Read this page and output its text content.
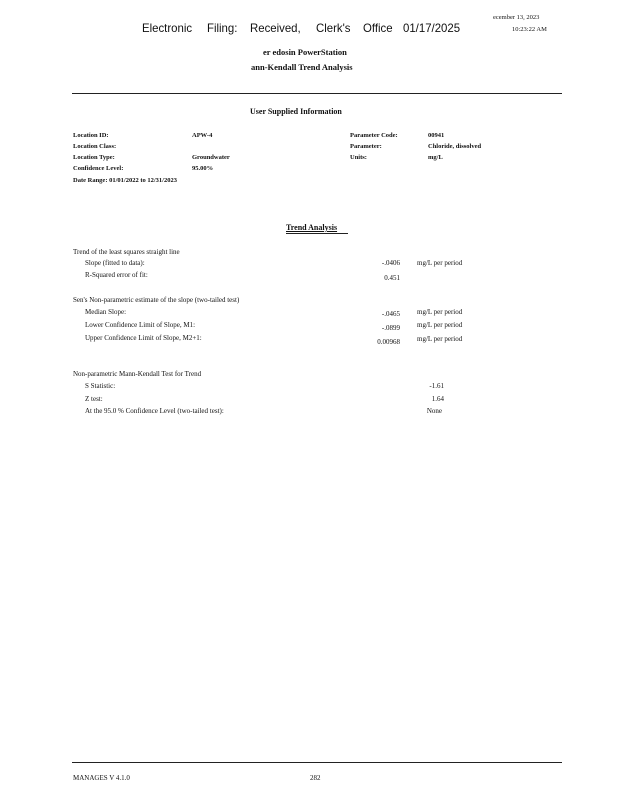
Electronic Filing: Received, Clerk's Office 01/17/2025
ecember 13, 2023
10:23:22 AM
er edosin PowerStation
ann-Kendall Trend Analysis
User Supplied Information
Location ID:	APW-4
Location Class:
Location Type:	Groundwater
Confidence Level:	95.00%
Date Range: 01/01/2022 to 12/31/2023
Parameter Code:	00941
Parameter:	Chloride, dissolved
Units:	mg/L
Trend Analysis
Trend of the least squares straight line
Slope (fitted to data):	-.0406 mg/L per period
R-Squared error of fit:	0.451
Sen's Non-parametric estimate of the slope (two-tailed test)
Median Slope:	-.0465 mg/L per period
Lower Confidence Limit of Slope, M1:	-.0899 mg/L per period
Upper Confidence Limit of Slope, M2+1:	0.00968 mg/L per period
Non-parametric Mann-Kendall Test for Trend
S Statistic:	-1.61
Z test:	1.64
At the 95.0 % Confidence Level (two-tailed test):	None
MANAGES V 4.1.0	282
